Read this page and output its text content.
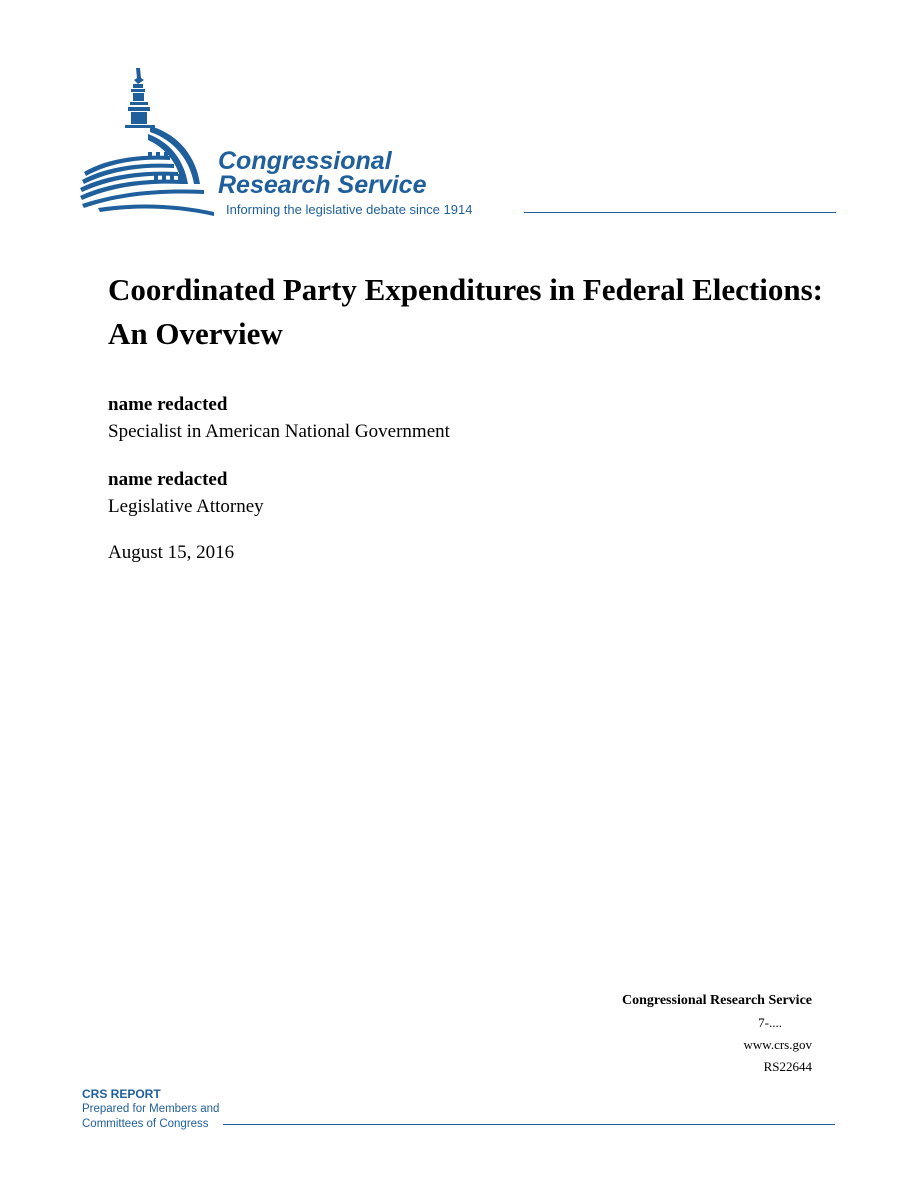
Congressional
Research Service
Informing the legislative debate since 1914
Coordinated Party Expenditures in Federal Elections: An Overview
name redacted
Specialist in American National Government
name redacted
Legislative Attorney
August 15, 2016
Congressional Research Service
7-....
www.crs.gov
RS22644
CRS REPORT
Prepared for Members and
Committees of Congress
